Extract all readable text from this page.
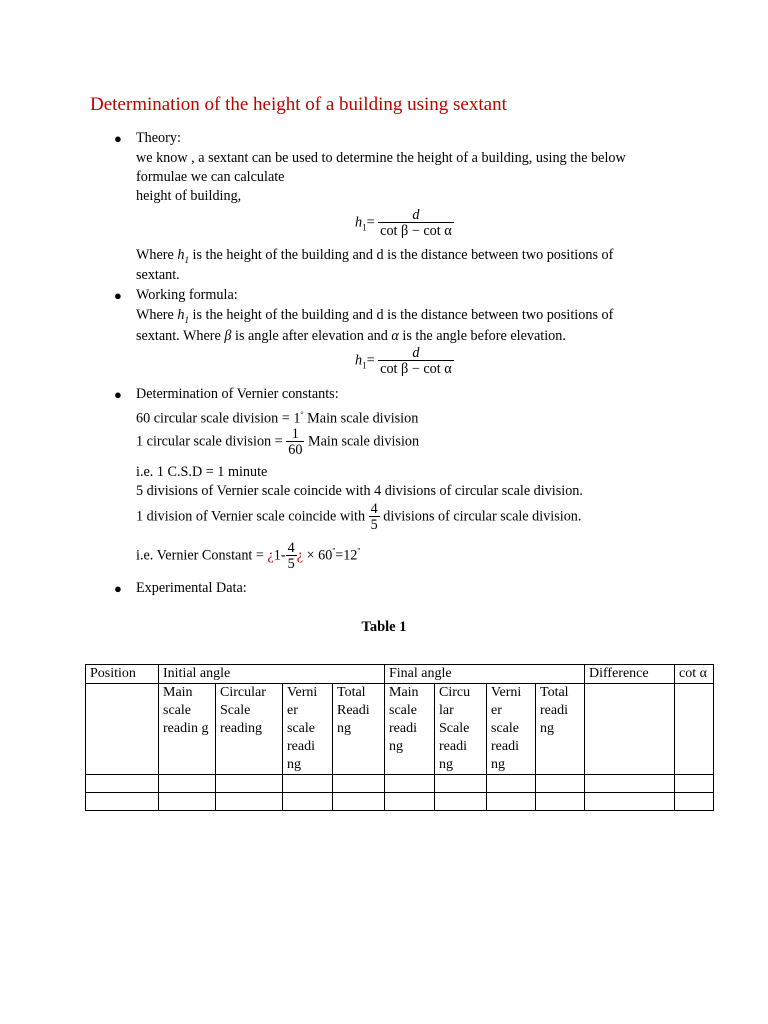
Determination of the height of a building using sextant
● Theory:
we know , a sextant can be used to determine the height of a building, using the below
formulae we can calculate
height of building,
$h_1= \frac{d}{\text{cot β − cot α}}$
Where $h_1$ is the height of the building and d is the distance between two positions of
sextant.
● Working formula:
Where $h_1$ is the height of the building and d is the distance between two positions of
sextant. Where β is angle after elevation and α is the angle before elevation.
$h_1= \frac{d}{\text{cot β − cot α}}$
● Determination of Vernier constants:
60 circular scale division = 1° Main scale division
1 circular scale division = $\frac{1}{60}$ Main scale division
i.e. 1 C.S.D = 1 minute
5 divisions of Vernier scale coincide with 4 divisions of circular scale division.
1 division of Vernier scale coincide with $\frac{4}{5}$ divisions of circular scale division.
i.e. Vernier Constant = ¿$1- \frac{4}{5}$ ¿ × 60''=12''
● Experimental Data:
Table 1
Position	Initial angle				Final angle				Difference	cot α
	Main scale readin g	Circular Scale reading	Verni er scale readi ng	Total Readi ng	Main scale readi ng	Circu lar Scale readi ng	Verni er scale readi ng	Total readi ng		
